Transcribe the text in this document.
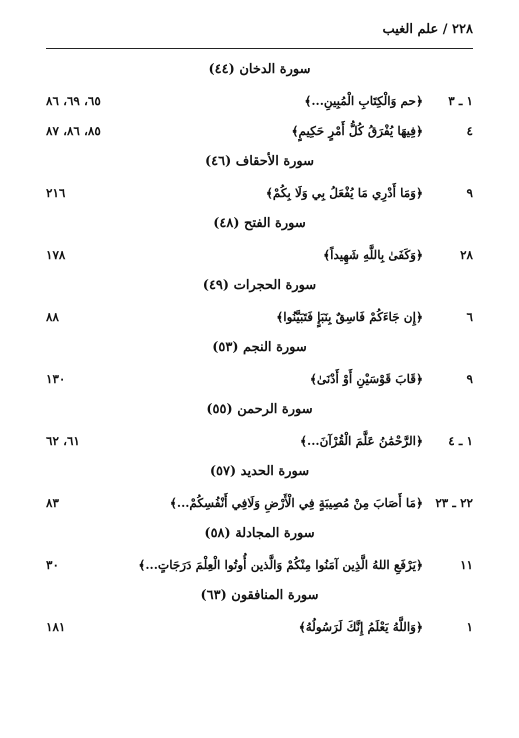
٢٢٨ / علم الغيب
سورة الدخان (٤٤)
١ ـ ٣
﴿حم وَالْكِتَابِ الْمُبِينِ...﴾
٦٥، ٦٩، ٨٦
٤
﴿فِيهَا يُفْرَقُ كُلُّ أَمْرٍ حَكِيمٍ﴾
٨٥، ٨٦، ٨٧
سورة الأحقاف (٤٦)
٩
﴿وَمَا أَدْرِي مَا يُفْعَلُ بِي وَلَا بِكُمْ﴾
٢١٦
سورة الفتح (٤٨)
٢٨
﴿وَكَفَىٰ بِاللَّهِ شَهِيداً﴾
١٧٨
سورة الحجرات (٤٩)
٦
﴿إِن جَاءَكُمْ فَاسِقٌ بِنَبَإٍ فَتَبَيَّنُوا﴾
٨٨
سورة النجم (٥٣)
٩
﴿قَابَ قَوْسَيْنِ أَوْ أَدْنَىٰ﴾
١٣٠
سورة الرحمن (٥٥)
١ ـ ٤
﴿الرَّحْمَٰنُ عَلَّمَ الْقُرْآنَ...﴾
٦١، ٦٢
سورة الحديد (٥٧)
٢٢ ـ ٢٣
﴿مَا أَصَابَ مِنْ مُصِيبَةٍ فِي الْأَرْضِ وَلَافِي أَنْفُسِكُمْ...﴾
٨٣
سورة المجادلة (٥٨)
١١
﴿يَرْفَعِ اللهُ الَّذِين آمَنُوا مِنْكُمْ وَالَّذين أُوتُوا الْعِلْمَ دَرَجَاتٍ...﴾
٣٠
سورة المنافقون (٦٣)
١
﴿وَاللَّهُ يَعْلَمُ إِنَّكَ لَرَسُولُهُ﴾
١٨١
